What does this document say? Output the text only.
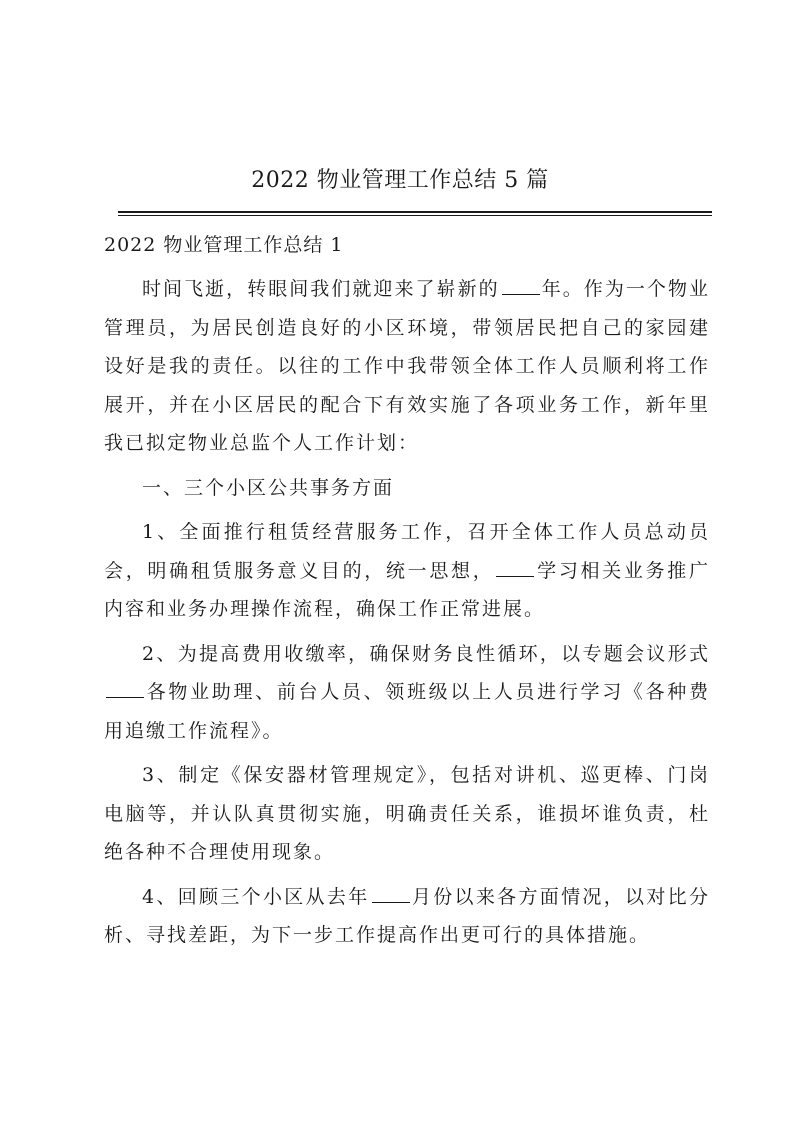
2022 物业管理工作总结 5 篇
2022 物业管理工作总结 1

时间飞逝，转眼间我们就迎来了崭新的 年。作为一个物业管理员，为居民创造良好的小区环境，带领居民把自己的家园建设好是我的责任。以往的工作中我带领全体工作人员顺利将工作展开，并在小区居民的配合下有效实施了各项业务工作，新年里我已拟定物业总监个人工作计划：

一、三个小区公共事务方面

1、全面推行租赁经营服务工作，召开全体工作人员总动员会，明确租赁服务意义目的，统一思想， 学习相关业务推广内容和业务办理操作流程，确保工作正常进展。

2、为提高费用收缴率，确保财务良性循环，以专题会议形式各物业助理、前台人员、领班级以上人员进行学习《各种费用追缴工作流程》。

3、制定《保安器材管理规定》，包括对讲机、巡更棒、门岗电脑等，并认队真贯彻实施，明确责任关系，谁损坏谁负责，杜绝各种不合理使用现象。

4、回顾三个小区从去年 月份以来各方面情况，以对比分析、寻找差距，为下一步工作提高作出更可行的具体措施。
